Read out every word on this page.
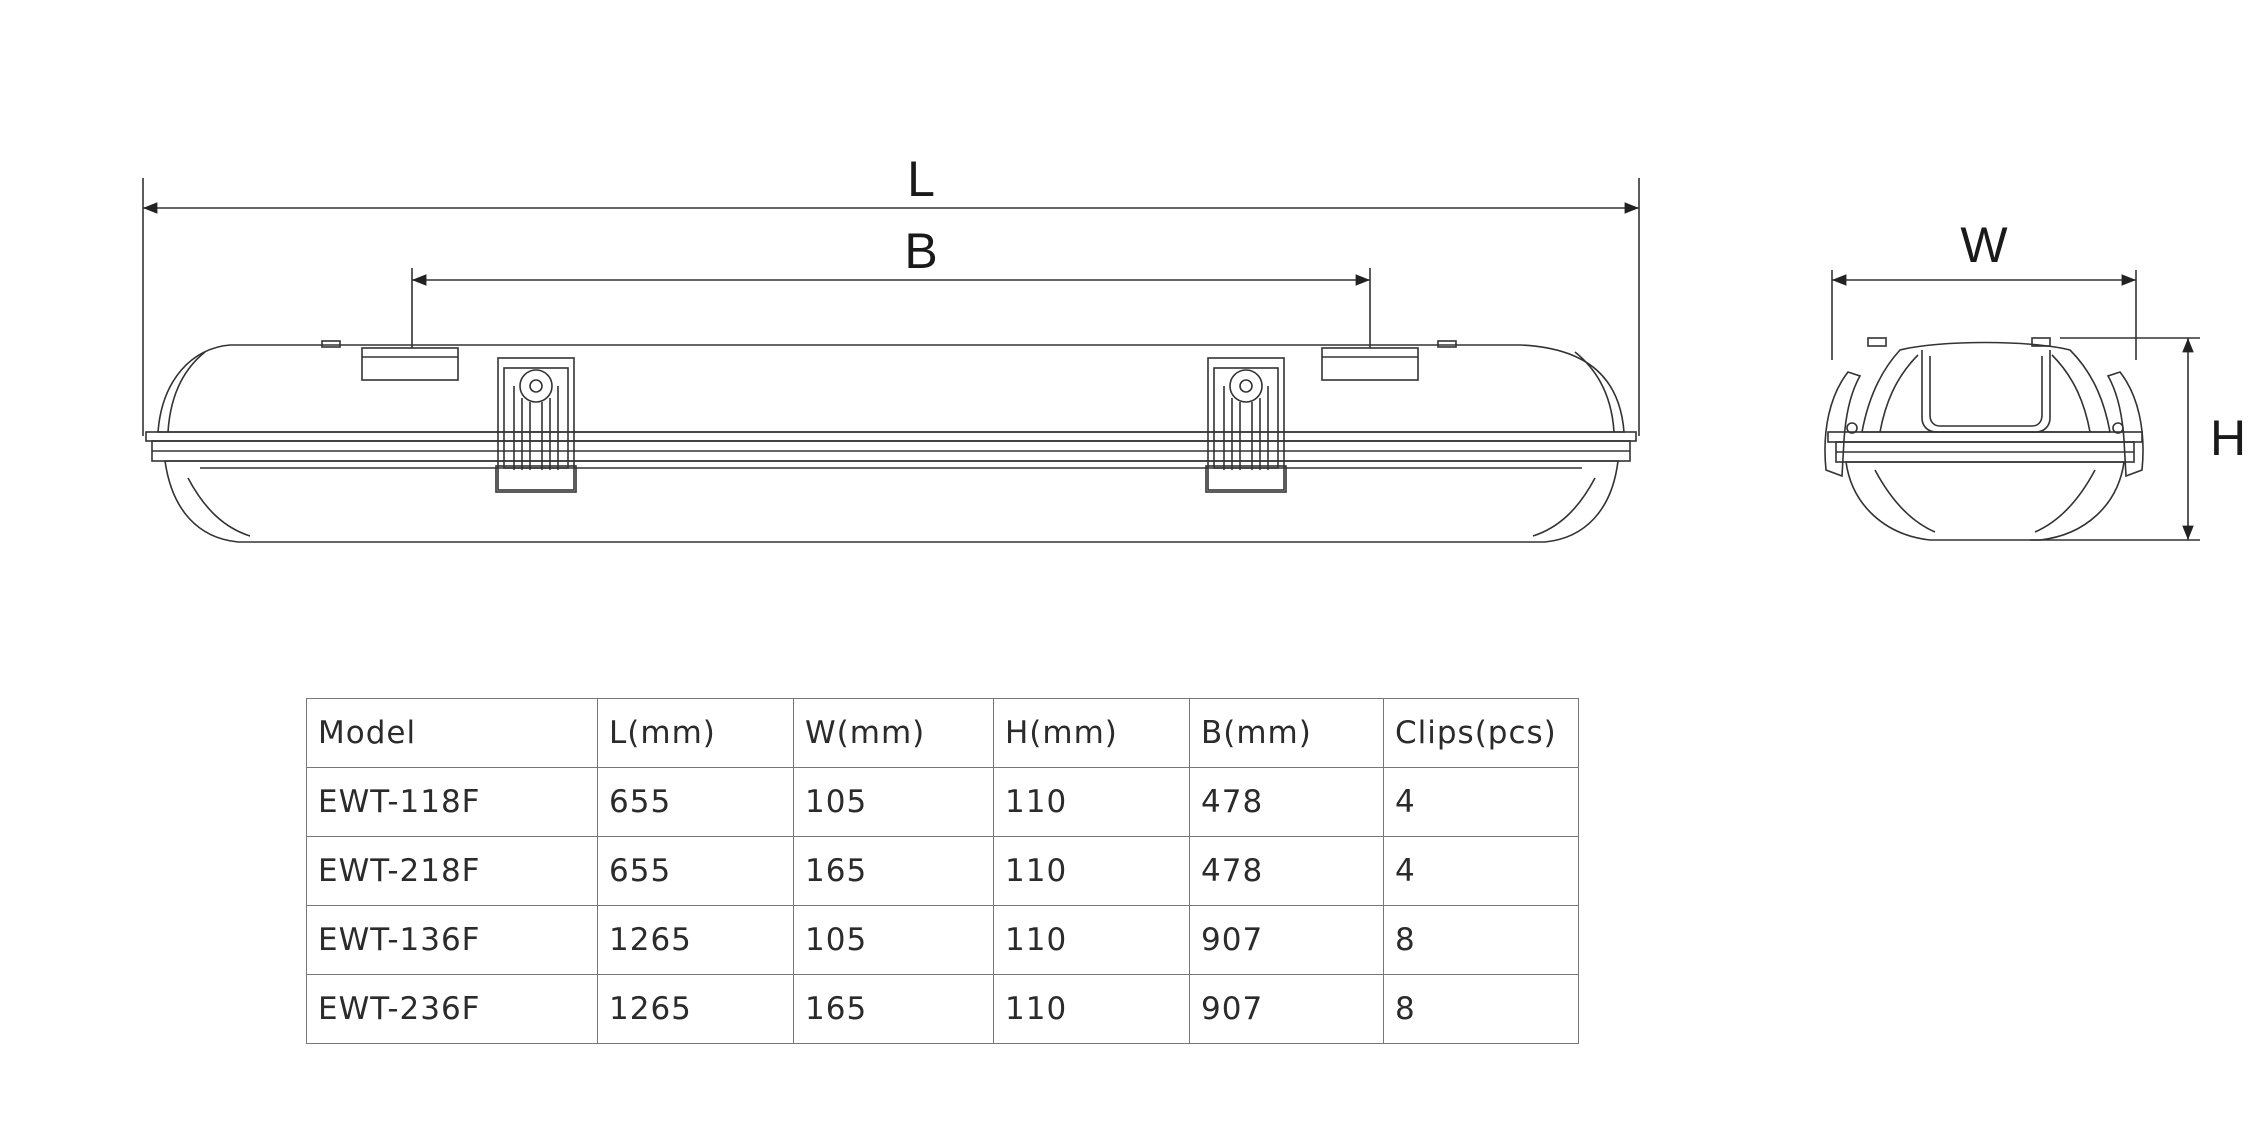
L
B	W
H
Model	L(mm)	W(mm)	H(mm)	B(mm)	Clips(pcs)
EWT-118F	655	105	110	478	4
EWT-218F	655	165	110	478	4
EWT-136F	1265	105	110	907	8
EWT-236F	1265	165	110	907	8
